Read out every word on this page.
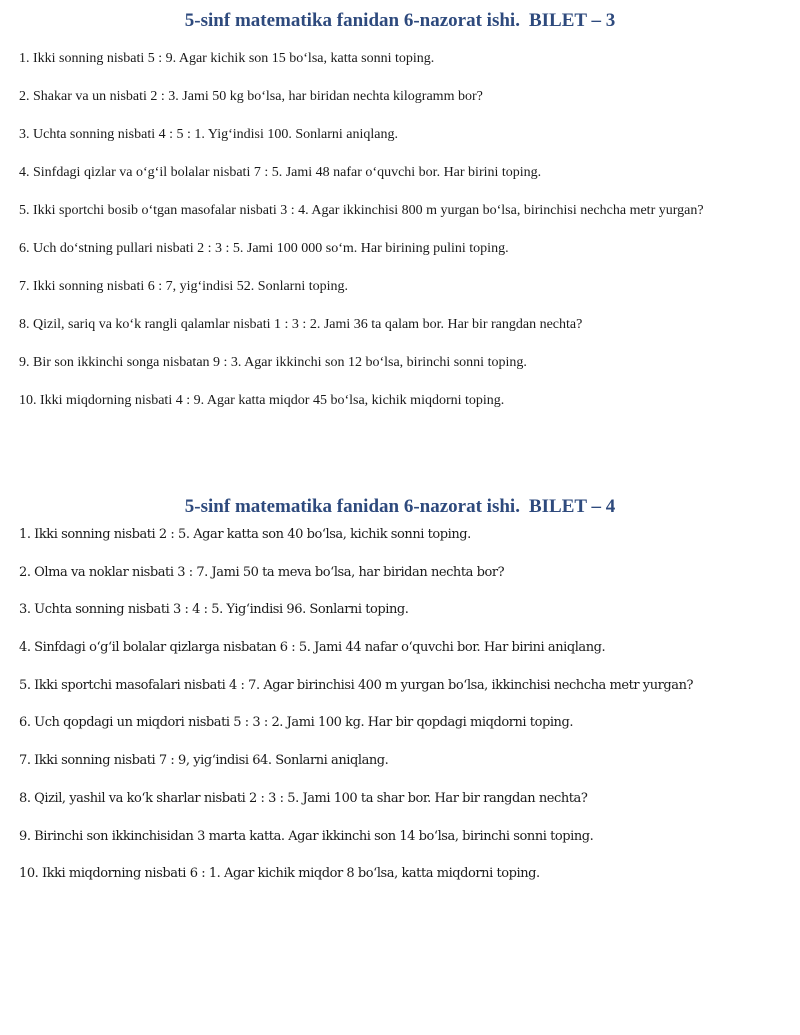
5-sinf matematika fanidan 6-nazorat ishi. BILET – 3
1. Ikki sonning nisbati 5 : 9. Agar kichik son 15 bo‘lsa, katta sonni toping.
2. Shakar va un nisbati 2 : 3. Jami 50 kg bo‘lsa, har biridan nechta kilogramm bor?
3. Uchta sonning nisbati 4 : 5 : 1. Yig‘indisi 100. Sonlarni aniqlang.
4. Sinfdagi qizlar va o‘g‘il bolalar nisbati 7 : 5. Jami 48 nafar o‘quvchi bor. Har birini toping.
5. Ikki sportchi bosib o‘tgan masofalar nisbati 3 : 4. Agar ikkinchisi 800 m yurgan bo‘lsa, birinchisi nechcha metr yurgan?
6. Uch do‘stning pullari nisbati 2 : 3 : 5. Jami 100 000 so‘m. Har birining pulini toping.
7. Ikki sonning nisbati 6 : 7, yig‘indisi 52. Sonlarni toping.
8. Qizil, sariq va ko‘k rangli qalamlar nisbati 1 : 3 : 2. Jami 36 ta qalam bor. Har bir rangdan nechta?
9. Bir son ikkinchi songa nisbatan 9 : 3. Agar ikkinchi son 12 bo‘lsa, birinchi sonni toping.
10. Ikki miqdorning nisbati 4 : 9. Agar katta miqdor 45 bo‘lsa, kichik miqdorni toping.
5-sinf matematika fanidan 6-nazorat ishi. BILET – 4
1. Ikki sonning nisbati 2 : 5. Agar katta son 40 bo‘lsa, kichik sonni toping.
2. Olma va noklar nisbati 3 : 7. Jami 50 ta meva bo‘lsa, har biridan nechta bor?
3. Uchta sonning nisbati 3 : 4 : 5. Yig‘indisi 96. Sonlarni toping.
4. Sinfdagi o‘g‘il bolalar qizlarga nisbatan 6 : 5. Jami 44 nafar o‘quvchi bor. Har birini aniqlang.
5. Ikki sportchi masofalari nisbati 4 : 7. Agar birinchisi 400 m yurgan bo‘lsa, ikkinchisi nechcha metr yurgan?
6. Uch qopdagi un miqdori nisbati 5 : 3 : 2. Jami 100 kg. Har bir qopdagi miqdorni toping.
7. Ikki sonning nisbati 7 : 9, yig‘indisi 64. Sonlarni aniqlang.
8. Qizil, yashil va ko‘k sharlar nisbati 2 : 3 : 5. Jami 100 ta shar bor. Har bir rangdan nechta?
9. Birinchi son ikkinchisidan 3 marta katta. Agar ikkinchi son 14 bo‘lsa, birinchi sonni toping.
10. Ikki miqdorning nisbati 6 : 1. Agar kichik miqdor 8 bo‘lsa, katta miqdorni toping.
